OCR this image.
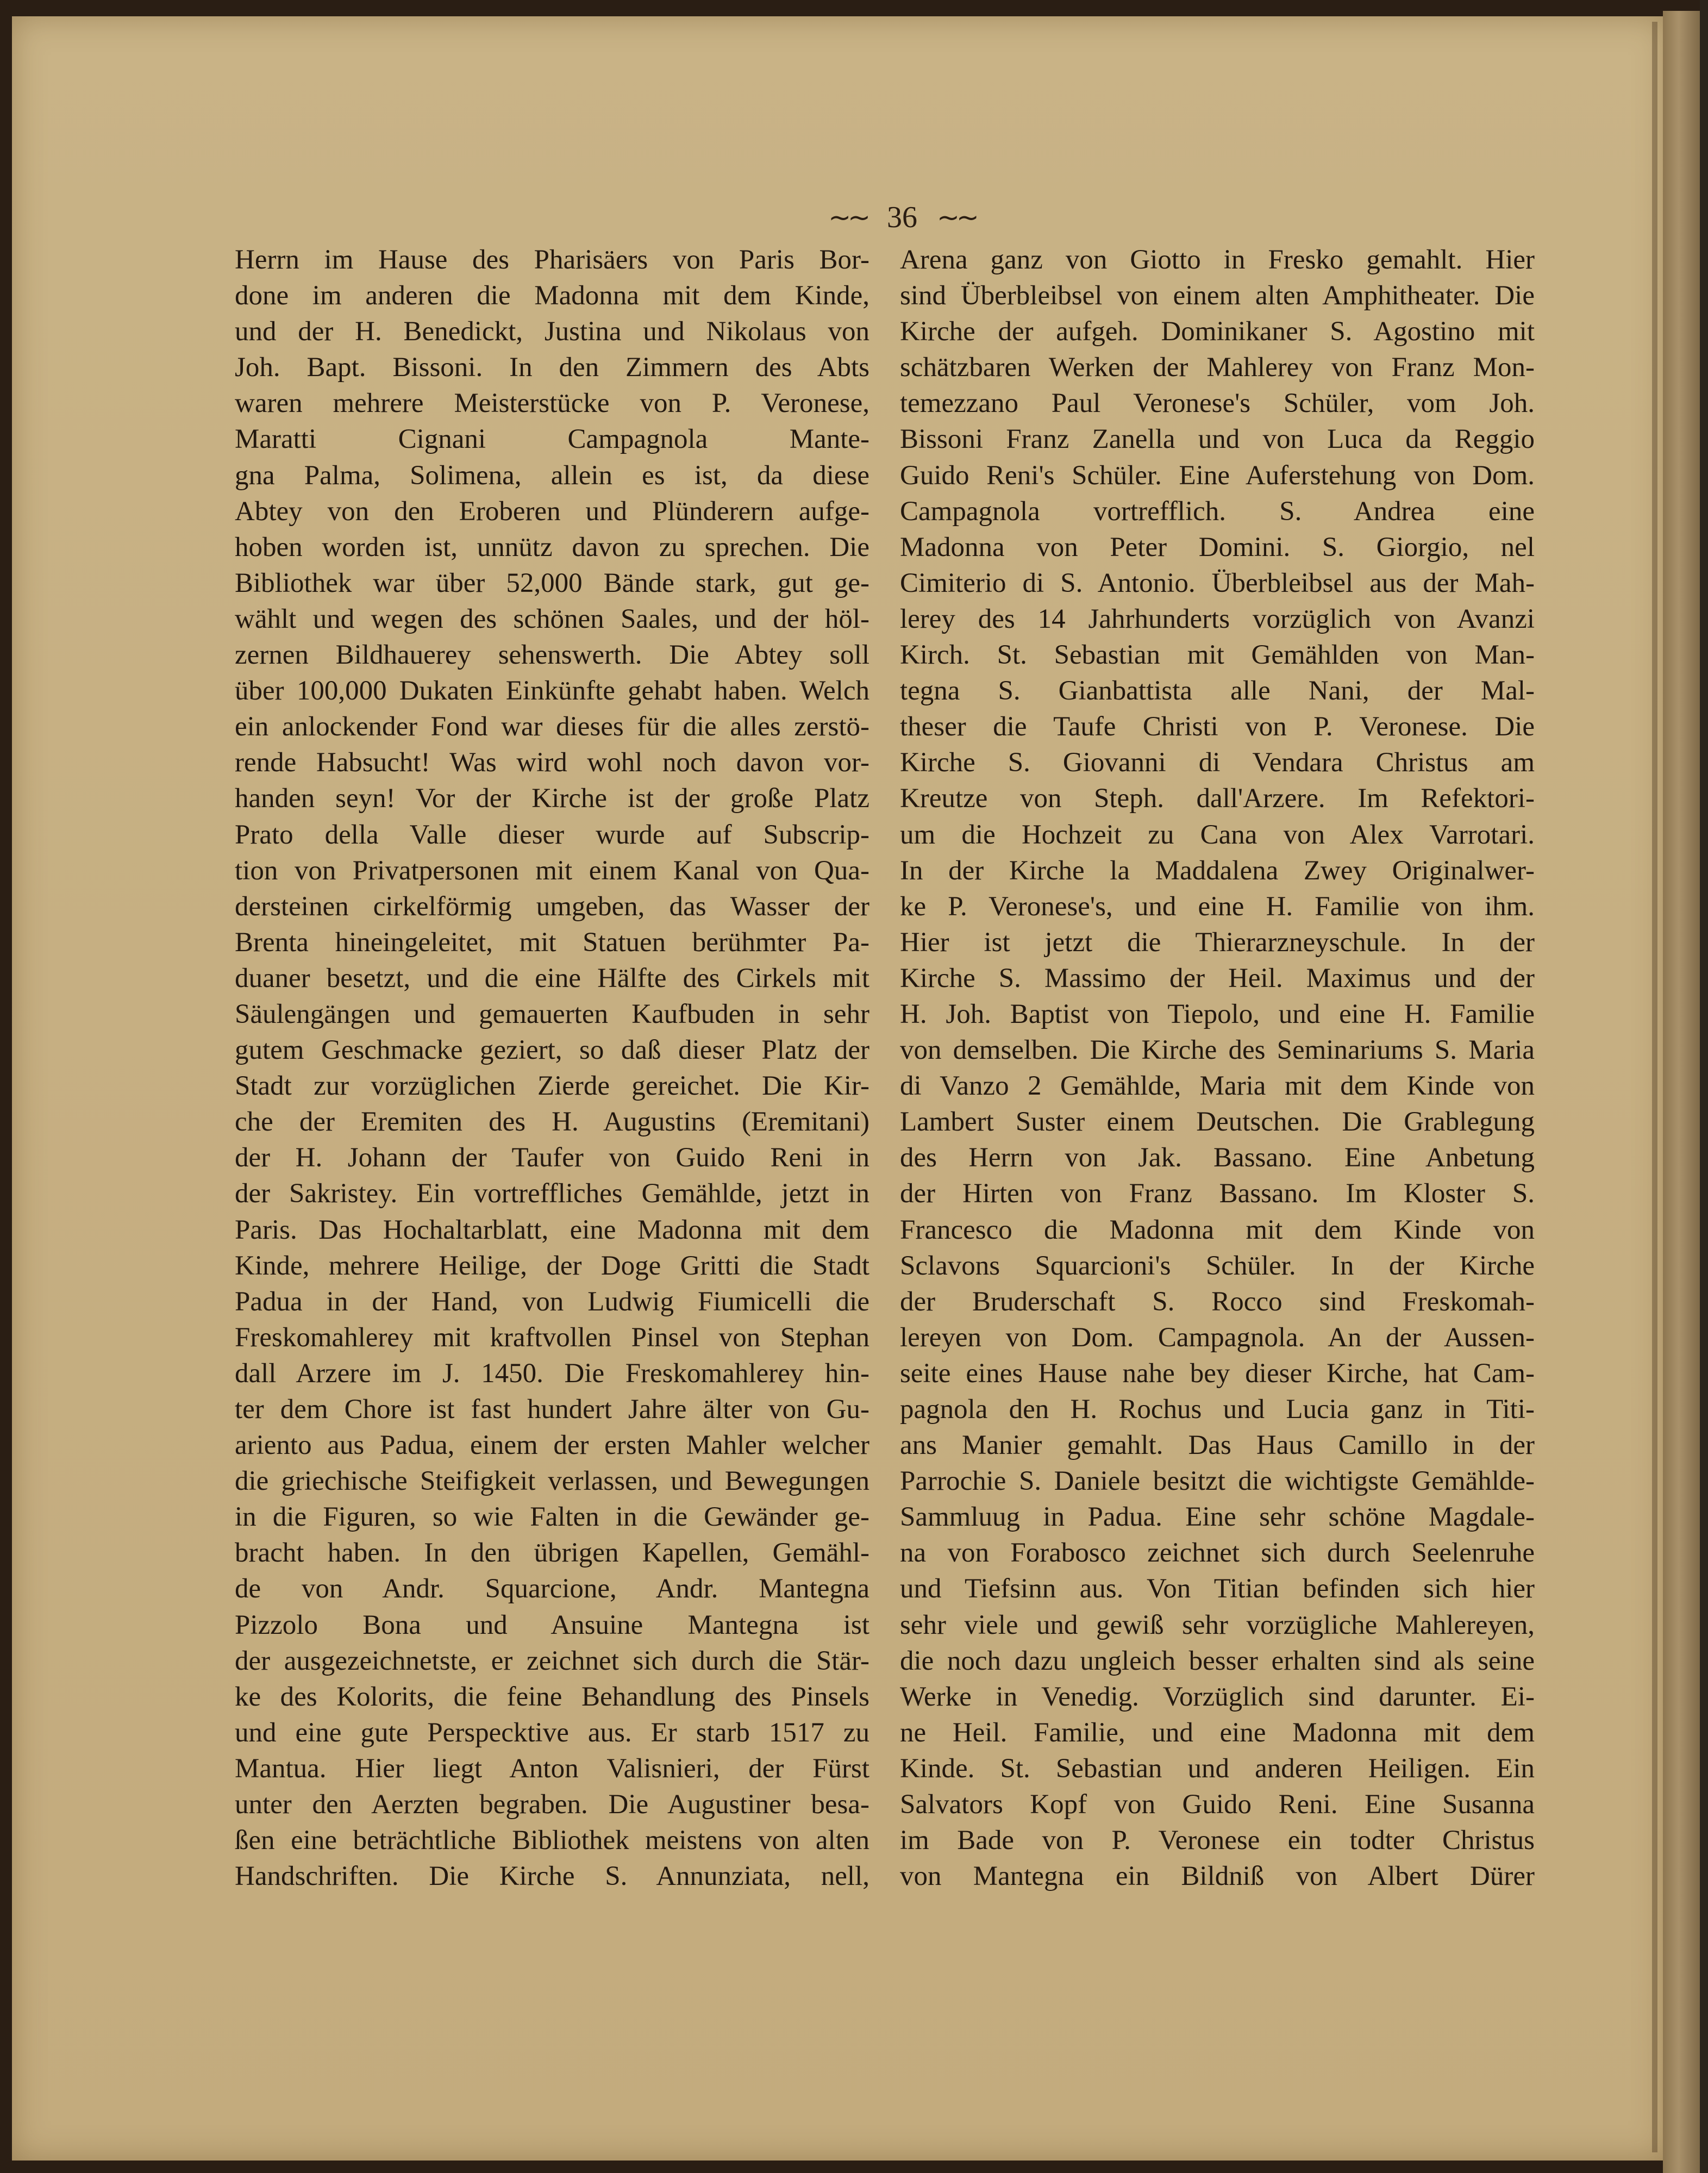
~~ 36 ~~
Herrn im Hause des Pharisäers von Paris Bor-
done im anderen die Madonna mit dem Kinde,
und der H. Benedickt, Justina und Nikolaus von
Joh. Bapt. Bissoni. In den Zimmern des Abts
waren mehrere Meisterstücke von P. Veronese,
Maratti Cignani Campagnola Mante-
gna Palma, Solimena, allein es ist, da diese
Abtey von den Eroberen und Plünderern aufge-
hoben worden ist, unnütz davon zu sprechen. Die
Bibliothek war über 52,000 Bände stark, gut ge-
wählt und wegen des schönen Saales, und der höl-
zernen Bildhauerey sehenswerth. Die Abtey soll
über 100,000 Dukaten Einkünfte gehabt haben. Welch
ein anlockender Fond war dieses für die alles zerstö-
rende Habsucht! Was wird wohl noch davon vor-
handen seyn! Vor der Kirche ist der große Platz
Prato della Valle dieser wurde auf Subscrip-
tion von Privatpersonen mit einem Kanal von Qua-
dersteinen cirkelförmig umgeben, das Wasser der
Brenta hineingeleitet, mit Statuen berühmter Pa-
duaner besetzt, und die eine Hälfte des Cirkels mit
Säulengängen und gemauerten Kaufbuden in sehr
gutem Geschmacke geziert, so daß dieser Platz der
Stadt zur vorzüglichen Zierde gereichet. Die Kir-
che der Eremiten des H. Augustins (Eremitani)
der H. Johann der Taufer von Guido Reni in
der Sakristey. Ein vortreffliches Gemählde, jetzt in
Paris. Das Hochaltarblatt, eine Madonna mit dem
Kinde, mehrere Heilige, der Doge Gritti die Stadt
Padua in der Hand, von Ludwig Fiumicelli die
Freskomahlerey mit kraftvollen Pinsel von Stephan
dall Arzere im J. 1450. Die Freskomahlerey hin-
ter dem Chore ist fast hundert Jahre älter von Gu-
ariento aus Padua, einem der ersten Mahler welcher
die griechische Steifigkeit verlassen, und Bewegungen
in die Figuren, so wie Falten in die Gewänder ge-
bracht haben. In den übrigen Kapellen, Gemähl-
de von Andr. Squarcione, Andr. Mantegna
Pizzolo Bona und Ansuine Mantegna ist
der ausgezeichnetste, er zeichnet sich durch die Stär-
ke des Kolorits, die feine Behandlung des Pinsels
und eine gute Perspecktive aus. Er starb 1517 zu
Mantua. Hier liegt Anton Valisnieri, der Fürst
unter den Aerzten begraben. Die Augustiner besa-
ßen eine beträchtliche Bibliothek meistens von alten
Handschriften. Die Kirche S. Annunziata, nell,
Arena ganz von Giotto in Fresko gemahlt. Hier
sind Überbleibsel von einem alten Amphitheater. Die
Kirche der aufgeh. Dominikaner S. Agostino mit
schätzbaren Werken der Mahlerey von Franz Mon-
temezzano Paul Veronese's Schüler, vom Joh.
Bissoni Franz Zanella und von Luca da Reggio
Guido Reni's Schüler. Eine Auferstehung von Dom.
Campagnola vortrefflich. S. Andrea eine
Madonna von Peter Domini. S. Giorgio, nel
Cimiterio di S. Antonio. Überbleibsel aus der Mah-
lerey des 14 Jahrhunderts vorzüglich von Avanzi
Kirch. St. Sebastian mit Gemählden von Man-
tegna S. Gianbattista alle Nani, der Mal-
theser die Taufe Christi von P. Veronese. Die
Kirche S. Giovanni di Vendara Christus am
Kreutze von Steph. dall'Arzere. Im Refektori-
um die Hochzeit zu Cana von Alex Varrotari.
In der Kirche la Maddalena Zwey Originalwer-
ke P. Veronese's, und eine H. Familie von ihm.
Hier ist jetzt die Thierarzneyschule. In der
Kirche S. Massimo der Heil. Maximus und der
H. Joh. Baptist von Tiepolo, und eine H. Familie
von demselben. Die Kirche des Seminariums S. Maria
di Vanzo 2 Gemählde, Maria mit dem Kinde von
Lambert Suster einem Deutschen. Die Grablegung
des Herrn von Jak. Bassano. Eine Anbetung
der Hirten von Franz Bassano. Im Kloster S.
Francesco die Madonna mit dem Kinde von
Sclavons Squarcioni's Schüler. In der Kirche
der Bruderschaft S. Rocco sind Freskomah-
lereyen von Dom. Campagnola. An der Aussen-
seite eines Hause nahe bey dieser Kirche, hat Cam-
pagnola den H. Rochus und Lucia ganz in Titi-
ans Manier gemahlt. Das Haus Camillo in der
Parrochie S. Daniele besitzt die wichtigste Gemählde-
Sammluug in Padua. Eine sehr schöne Magdale-
na von Forabosco zeichnet sich durch Seelenruhe
und Tiefsinn aus. Von Titian befinden sich hier
sehr viele und gewiß sehr vorzügliche Mahlereyen,
die noch dazu ungleich besser erhalten sind als seine
Werke in Venedig. Vorzüglich sind darunter. Ei-
ne Heil. Familie, und eine Madonna mit dem
Kinde. St. Sebastian und anderen Heiligen. Ein
Salvators Kopf von Guido Reni. Eine Susanna
im Bade von P. Veronese ein todter Christus
von Mantegna ein Bildniß von Albert Dürer
